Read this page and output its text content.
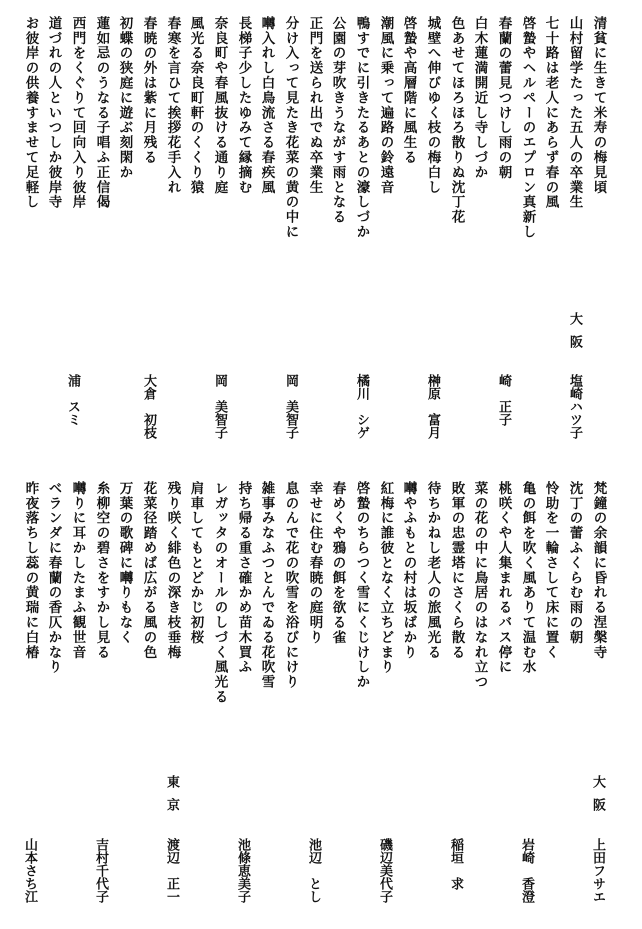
清貧に生きて米寿の梅見頃
山村留学たった五人の卒業生
七十路は老人にあらず春の風
啓蟄やヘルペーのエプロン真新し
春蘭の蕾見つけし雨の朝
白木蓮満開近し寺しづか
色あせてほろほろ散りぬ沈丁花
城壁へ伸びゆく枝の梅白し
啓蟄や高層階に風生る
潮風に乗って遍路の鈴遠音
鴨すでに引きたるあとの濠しづか
公園の芽吹きうながす雨となる
正門を送られ出でぬ卒業生
分け入って見たき花菜の黄の中に
囀入れし白鳥流さる春疾風
長梯子少したゆみて縁摘む
奈良町や春風抜ける通り庭
風光る奈良町軒のくくり猿
春寒を言ひて挨拶花手入れ
春暁の外は紫に月残る
初蝶の狭庭に遊ぶ刻閑か
蓮如忌のうなる子唱ふ正信偈
西門をくぐりて回向入り彼岸
道づれの人といつしか彼岸寺
お彼岸の供養すませて足軽し
大阪
塩崎ハツ子
崎　正子
榊原　富月
橘川　シゲ
岡　美智子
岡　美智子
大倉　初枝
浦　スミ
梵鐘の余韻に昏れる涅槃寺
沈丁の蕾ふくらむ雨の朝
怜助を一輪さして床に置く
亀の餌を吹く風ありて温む水
桃咲くや人集まれるバス停に
菜の花の中に鳥居のはなれ立つ
敗軍の忠霊塔にさくら散る
待ちかねし老人の旅風光る
囀やふもとの村は坂ばかり
紅梅に誰彼となく立ちどまり
啓蟄のちらつく雪にくじけしか
春めくや鴉の餌を欲る雀
幸せに住む春暁の庭明り
息のんで花の吹雪を浴びにけり
雑事みなふつとんでゐる花吹雪
持ち帰る重さ確かめ苗木買ふ
レガッタのオールのしづく風光る
肩車してもとどかじ初桜
残り咲く緋色の深き枝垂梅
花菜径踏めば広がる風の色
万葉の歌碑に囀りもなく
糸柳空の碧さをすかし見る
囀りに耳かしたまふ観世音
ベランダに春蘭の香仄かなり
昨夜落ちし蕊の黄瑞に白椿
大阪
東京
上田フサエ
岩崎　香澄
稲垣　求
磯辺美代子
池辺　とし
池條恵美子
渡辺　正一
吉村千代子
山本さち江
